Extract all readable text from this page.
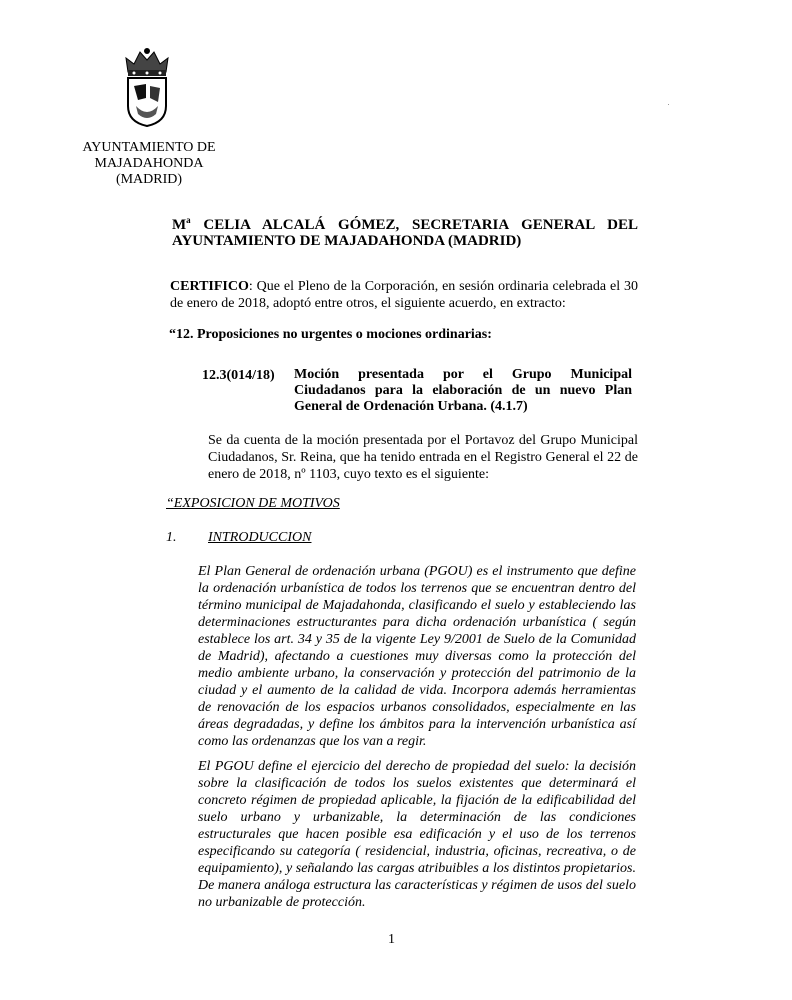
AYUNTAMIENTO DE
MAJADAHONDA
(MADRID)
$M^a$ CELIA ALCALÁ GÓMEZ, SECRETARIA GENERAL DEL
AYUNTAMIENTO DE MAJADAHONDA (MADRID)
CERTIFICO: Que el Pleno de la Corporación, en sesión ordinaria celebrada el 30 de enero de 2018, adoptó entre otros, el siguiente acuerdo, en extracto:
“12. Proposiciones no urgentes o mociones ordinarias:
12.3(014/18) Moción presentada por el Grupo Municipal
Ciudadanos para la elaboración de un nuevo Plan
General de Ordenación Urbana. (4.1.7)
Se da cuenta de la moción presentada por el Portavoz del Grupo Municipal Ciudadanos, Sr. Reina, que ha tenido entrada en el Registro General el 22 de enero de 2018, nº 1103, cuyo texto es el siguiente:
“EXPOSICION DE MOTIVOS
1. INTRODUCCION
El Plan General de ordenación urbana (PGOU) es el instrumento que define la ordenación urbanística de todos los terrenos que se encuentran dentro del término municipal de Majadahonda, clasificando el suelo y estableciendo las determinaciones estructurantes para dicha ordenación urbanística ( según establece los art. 34 y 35 de la vigente Ley 9/2001 de Suelo de la Comunidad de Madrid), afectando a cuestiones muy diversas como la protección del medio ambiente urbano, la conservación y protección del patrimonio de la ciudad y el aumento de la calidad de vida. Incorpora además herramientas de renovación de los espacios urbanos consolidados, especialmente en las áreas degradadas, y define los ámbitos para la intervención urbanística así como las ordenanzas que los van a regir.
El PGOU define el ejercicio del derecho de propiedad del suelo: la decisión sobre la clasificación de todos los suelos existentes que determinará el concreto régimen de propiedad aplicable, la fijación de la edificabilidad del suelo urbano y urbanizable, la determinación de las condiciones estructurales que hacen posible esa edificación y el uso de los terrenos especificando su categoría ( residencial, industria, oficinas, recreativa, o de equipamiento), y señalando las cargas atribuibles a los distintos propietarios. De manera análoga estructura las características y régimen de usos del suelo no urbanizable de protección.
1
